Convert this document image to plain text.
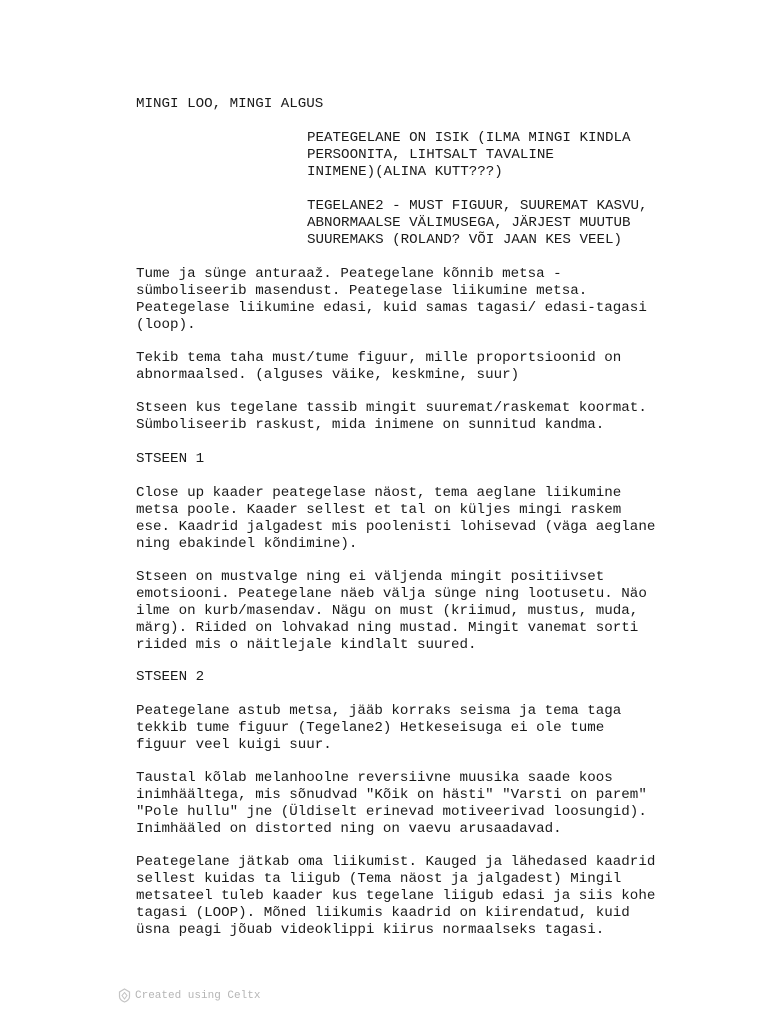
MINGI LOO, MINGI ALGUS

PEATEGELANE ON ISIK (ILMA MINGI KINDLA
PERSOONITA, LIHTSALT TAVALINE
INIMENE)(ALINA KUTT???)

TEGELANE2 - MUST FIGUUR, SUUREMAT KASVU,
ABNORMAALSE VÄLIMUSEGA, JÄRJEST MUUTUB
SUUREMAKS (ROLAND? VÕI JAAN KES VEEL)

Tume ja sünge anturaaž. Peategelane kõnnib metsa -
sümboliseerib masendust. Peategelase liikumine metsa.
Peategelase liikumine edasi, kuid samas tagasi/ edasi-tagasi
(loop).

Tekib tema taha must/tume figuur, mille proportsioonid on
abnormaalsed. (alguses väike, keskmine, suur)

Stseen kus tegelane tassib mingit suuremat/raskemat koormat.
Sümboliseerib raskust, mida inimene on sunnitud kandma.

STSEEN 1

Close up kaader peategelase näost, tema aeglane liikumine
metsa poole. Kaader sellest et tal on küljes mingi raskem
ese. Kaadrid jalgadest mis poolenisti lohisevad (väga aeglane
ning ebakindel kõndimine).

Stseen on mustvalge ning ei väljenda mingit positiivset
emotsiooni. Peategelane näeb välja sünge ning lootusetu. Näo
ilme on kurb/masendav. Nägu on must (kriimud, mustus, muda,
märg). Riided on lohvakad ning mustad. Mingit vanemat sorti
riided mis o näitlejale kindlalt suured.

STSEEN 2

Peategelane astub metsa, jääb korraks seisma ja tema taga
tekkib tume figuur (Tegelane2) Hetkeseisuga ei ole tume
figuur veel kuigi suur.

Taustal kõlab melanhoolne reversiivne muusika saade koos
inimhäältega, mis sõnudvad "Kõik on hästi" "Varsti on parem"
"Pole hullu" jne (Üldiselt erinevad motiveerivad loosungid).
Inimhääled on distorted ning on vaevu arusaadavad.

Peategelane jätkab oma liikumist. Kauged ja lähedased kaadrid
sellest kuidas ta liigub (Tema näost ja jalgadest) Mingil
metsateel tuleb kaader kus tegelane liigub edasi ja siis kohe
tagasi (LOOP). Mõned liikumis kaadrid on kiirendatud, kuid
üsna peagi jõuab videoklippi kiirus normaalseks tagasi.

Created using Celtx
